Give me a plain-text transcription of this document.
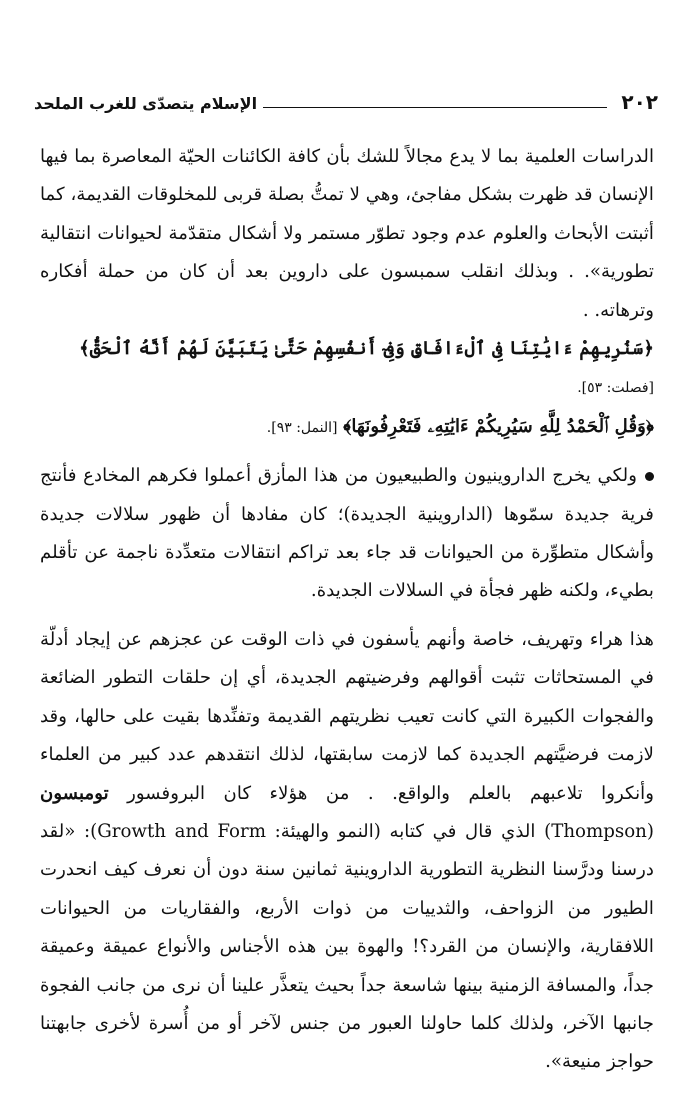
٢٠٢
الإسلام يتصدّى للغرب الملحد

الدراسات العلمية بما لا يدع مجالاً للشك بأن كافة الكائنات الحيّة المعاصرة بما فيها الإنسان قد ظهرت بشكل مفاجئ، وهي لا تمتُّ بصلة قربى للمخلوقات القديمة، كما أثبتت الأبحاث والعلوم عدم وجود تطوّر مستمر ولا أشكال متقدّمة لحيوانات انتقالية تطورية». . وبذلك انقلب سمبسون على داروين بعد أن كان من حملة أفكاره وترهاته. .

﴿سَنُرِيهِمْ ءَايَٰتِنَا فِى ٱلْءَافَاقِ وَفِىٓ أَنفُسِهِمْ حَتَّىٰ يَتَبَيَّنَ لَهُمْ أَنَّهُ ٱلْحَقُّ﴾ [فصلت: ٥٣].

﴿وَقُلِ ٱلْحَمْدُ لِلَّهِ سَيُرِيكُمْ ءَايَٰتِهِۦ فَتَعْرِفُونَهَا﴾ [النمل: ٩٣].

ولكي يخرج الداروينيون والطبيعيون من هذا المأزق أعملوا فكرهم المخادع فأنتج فرية جديدة سمّوها (الداروينية الجديدة)؛ كان مفادها أن ظهور سلالات جديدة وأشكال متطوِّرة من الحيوانات قد جاء بعد تراكم انتقالات متعدِّدة ناجمة عن تأقلم بطيء، ولكنه ظهر فجأة في السلالات الجديدة.

هذا هراء وتهريف، خاصة وأنهم يأسفون في ذات الوقت عن عجزهم عن إيجاد أدلّة في المستحاثات تثبت أقوالهم وفرضيتهم الجديدة، أي إن حلقات التطور الضائعة والفجوات الكبيرة التي كانت تعيب نظريتهم القديمة وتفنِّدها بقيت على حالها، وقد لازمت فرضيَّتهم الجديدة كما لازمت سابقتها، لذلك انتقدهم عدد كبير من العلماء وأنكروا تلاعبهم بالعلم والواقع. . من هؤلاء كان البروفسور تومبسون (Thompson) الذي قال في كتابه (النمو والهيئة: Growth and Form): «لقد درسنا ودرَّسنا النظرية التطورية الداروينية ثمانين سنة دون أن نعرف كيف انحدرت الطيور من الزواحف، والثدييات من ذوات الأربع، والفقاريات من الحيوانات اللافقارية، والإنسان من القرد؟! والهوة بين هذه الأجناس والأنواع عميقة وعميقة جداً، والمسافة الزمنية بينها شاسعة جداً بحيث يتعذَّر علينا أن نرى من جانب الفجوة جانبها الآخر، ولذلك كلما حاولنا العبور من جنس لآخر أو من أُسرة لأخرى جابهتنا حواجز منيعة».
